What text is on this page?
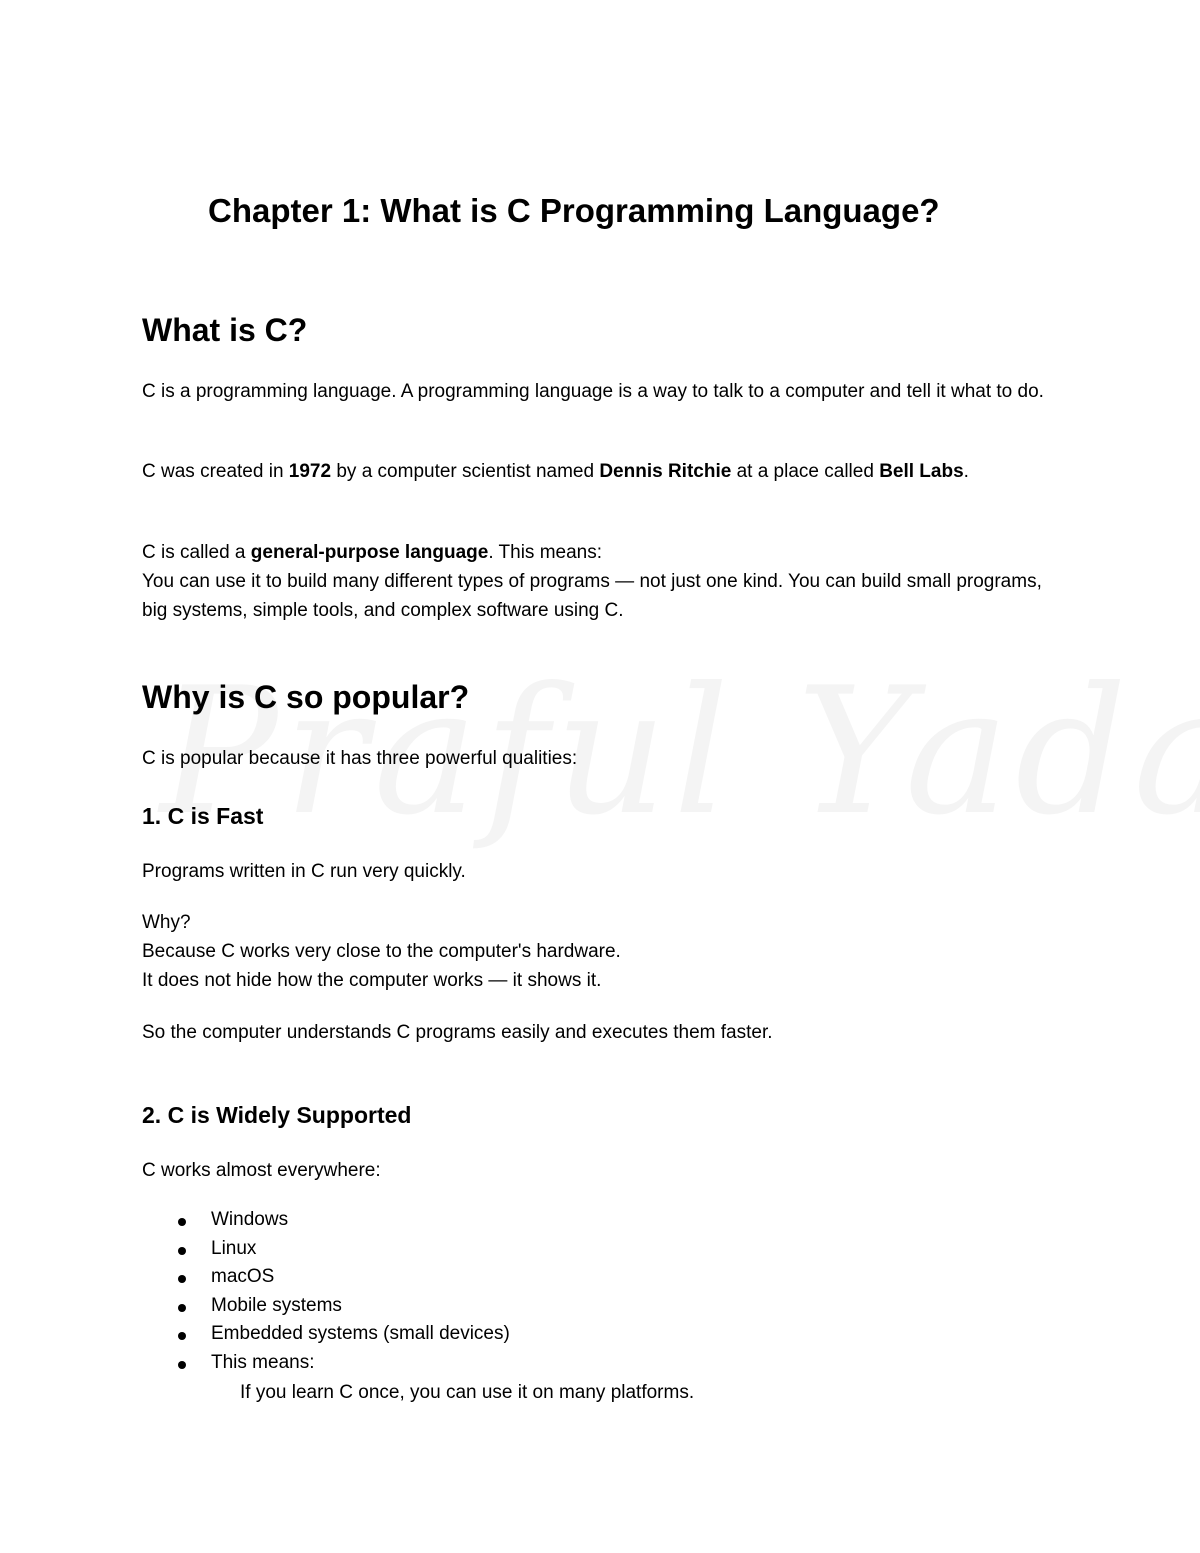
Chapter 1: What is C Programming Language?
What is C?

C is a programming language. A programming language is a way to talk to a computer and tell it what to do.

C was created in 1972 by a computer scientist named Dennis Ritchie at a place called Bell Labs.

C is called a general-purpose language. This means:
You can use it to build many different types of programs — not just one kind. You can build small programs, big systems, simple tools, and complex software using C.

Why is C so popular?

C is popular because it has three powerful qualities:

1. C is Fast

Programs written in C run very quickly.

Why?
Because C works very close to the computer's hardware.
It does not hide how the computer works — it shows it.

So the computer understands C programs easily and executes them faster.

2. C is Widely Supported

C works almost everywhere:

Windows
Linux
macOS
Mobile systems
Embedded systems (small devices)
This means:
If you learn C once, you can use it on many platforms.
